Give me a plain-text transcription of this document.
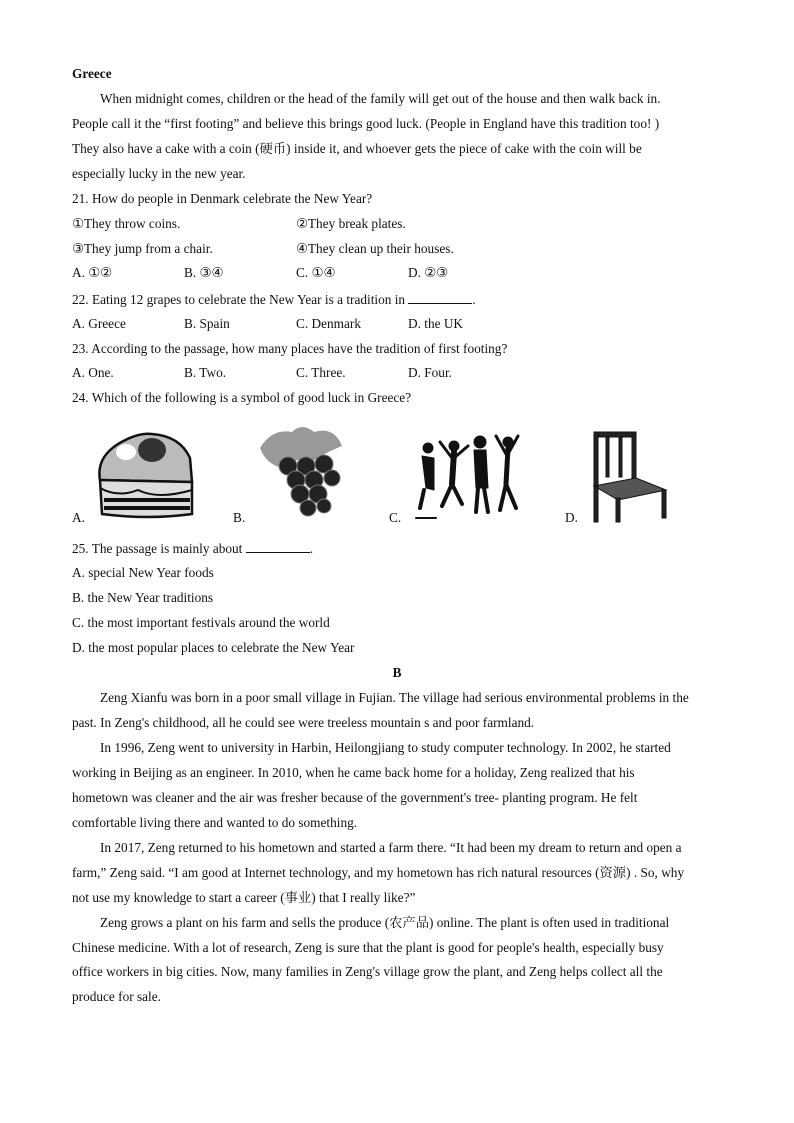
Greece
When midnight comes, children or the head of the family will get out of the house and then walk back in.
People call it the “first footing” and believe this brings good luck. (People in England have this tradition too! )
They also have a cake with a coin (硬币) inside it, and whoever gets the piece of cake with the coin will be
especially lucky in the new year.
21. How do people in Denmark celebrate the New Year?
①They throw coins.	②They break plates.
③They jump from a chair.	④They clean up their houses.
A. ①②	B. ③④	C. ①④	D. ②③
22. Eating 12 grapes to celebrate the New Year is a tradition in	.
A. Greece	B. Spain	C. Denmark	D. the UK
23. According to the passage, how many places have the tradition of first footing?
A. One.	B. Two.	C. Three.	D. Four.
24. Which of the following is a symbol of good luck in Greece?
A.	B.	C.	D.
25. The passage is mainly about	.
A. special New Year foods
B. the New Year traditions
C. the most important festivals around the world
D. the most popular places to celebrate the New Year
B
Zeng Xianfu was born in a poor small village in Fujian. The village had serious environmental problems in the
past. In Zeng's childhood, all he could see were treeless mountain s and poor farmland.
In 1996, Zeng went to university in Harbin, Heilongjiang to study computer technology. In 2002, he started
working in Beijing as an engineer. In 2010, when he came back home for a holiday, Zeng realized that his
hometown was cleaner and the air was fresher because of the government's tree- planting program. He felt
comfortable living there and wanted to do something.
In 2017, Zeng returned to his hometown and started a farm there. “It had been my dream to return and open a
farm,” Zeng said. “I am good at Internet technology, and my hometown has rich natural resources (资源) . So, why
not use my knowledge to start a career (事业) that I really like?”
Zeng grows a plant on his farm and sells the produce (农产品) online. The plant is often used in traditional
Chinese medicine. With a lot of research, Zeng is sure that the plant is good for people's health, especially busy
office workers in big cities. Now, many families in Zeng's village grow the plant, and Zeng helps collect all the
produce for sale.
